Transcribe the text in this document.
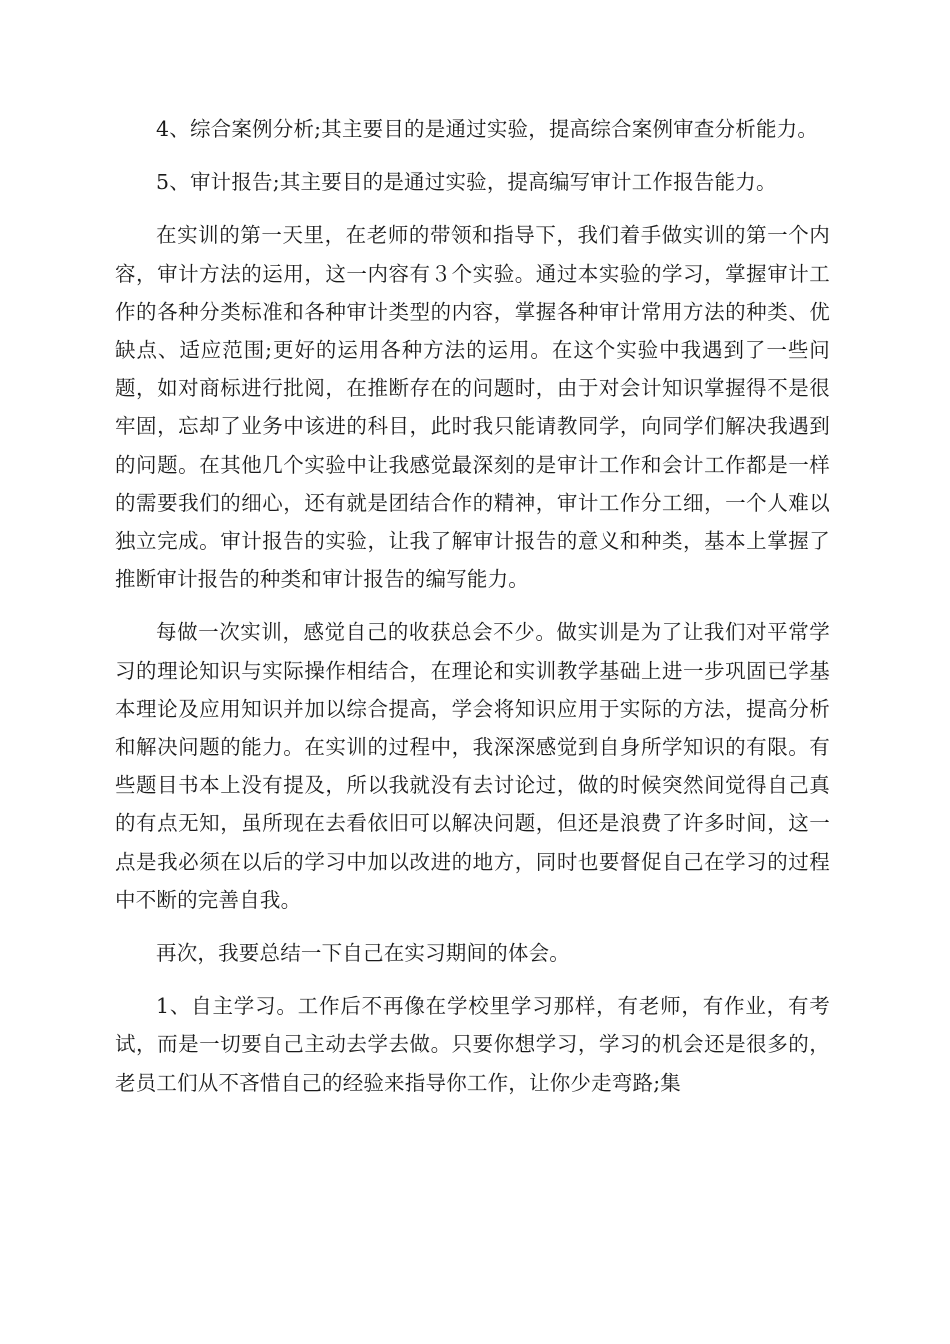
4、综合案例分析;其主要目的是通过实验，提高综合案例审查分析能力。

5、审计报告;其主要目的是通过实验，提高编写审计工作报告能力。

在实训的第一天里，在老师的带领和指导下，我们着手做实训的第一个内容，审计方法的运用，这一内容有３个实验。通过本实验的学习，掌握审计工作的各种分类标准和各种审计类型的内容，掌握各种审计常用方法的种类、优缺点、适应范围;更好的运用各种方法的运用。在这个实验中我遇到了一些问题，如对商标进行批阅，在推断存在的问题时，由于对会计知识掌握得不是很牢固，忘却了业务中该进的科目，此时我只能请教同学，向同学们解决我遇到的问题。在其他几个实验中让我感觉最深刻的是审计工作和会计工作都是一样的需要我们的细心，还有就是团结合作的精神，审计工作分工细，一个人难以独立完成。审计报告的实验，让我了解审计报告的意义和种类，基本上掌握了推断审计报告的种类和审计报告的编写能力。

每做一次实训，感觉自己的收获总会不少。做实训是为了让我们对平常学习的理论知识与实际操作相结合，在理论和实训教学基础上进一步巩固已学基本理论及应用知识并加以综合提高，学会将知识应用于实际的方法，提高分析和解决问题的能力。在实训的过程中，我深深感觉到自身所学知识的有限。有些题目书本上没有提及，所以我就没有去讨论过，做的时候突然间觉得自己真的有点无知，虽所现在去看依旧可以解决问题，但还是浪费了许多时间，这一点是我必须在以后的学习中加以改进的地方，同时也要督促自己在学习的过程中不断的完善自我。

再次，我要总结一下自己在实习期间的体会。

1、自主学习。工作后不再像在学校里学习那样，有老师，有作业，有考试，而是一切要自己主动去学去做。只要你想学习，学习的机会还是很多的，老员工们从不吝惜自己的经验来指导你工作，让你少走弯路;集
